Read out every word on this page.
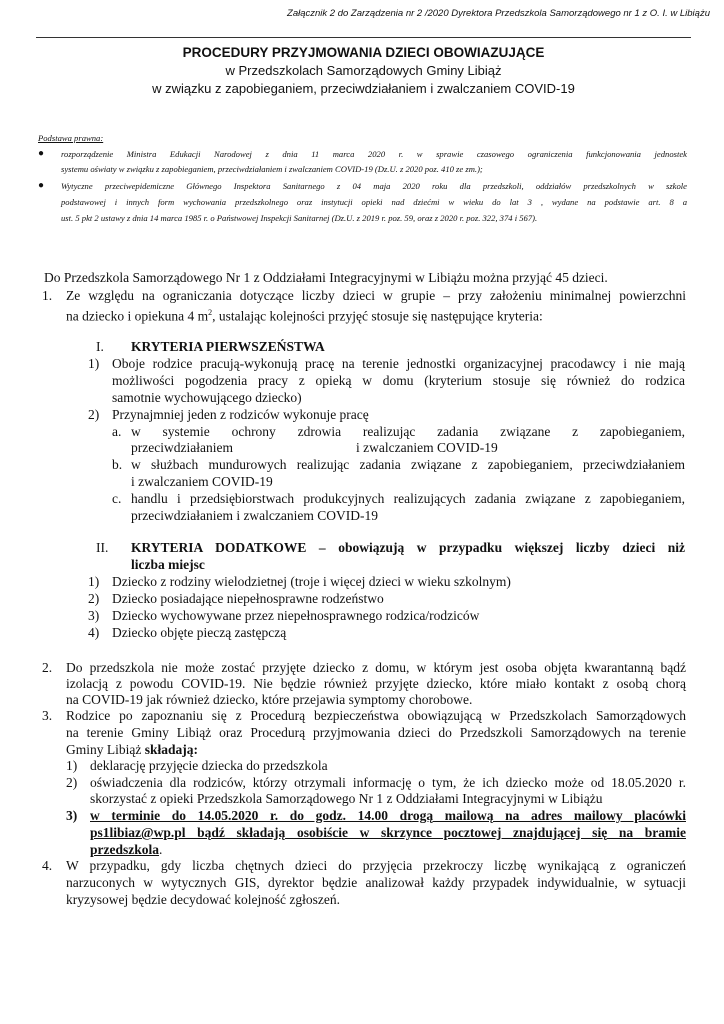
Załącznik 2 do Zarządzenia nr 2 /2020 Dyrektora Przedszkola Samorządowego nr 1 z O. I. w Libiążu
PROCEDURY PRZYJMOWANIA DZIECI OBOWIAZUJĄCE
w Przedszkolach Samorządowych Gminy Libiąż
w związku z zapobieganiem, przeciwdziałaniem i zwalczaniem COVID-19
Podstawa prawna:
● rozporządzenie Ministra Edukacji Narodowej z dnia 11 marca 2020 r. w sprawie czasowego ograniczenia funkcjonowania jednostek
systemu oświaty w związku z zapobieganiem, przeciwdziałaniem i zwalczaniem COVID-19 (Dz.U. z 2020 poz. 410 ze zm.);
● Wytyczne przeciwepidemiczne Głównego Inspektora Sanitarnego z 04 maja 2020 roku dla przedszkoli, oddziałów przedszkolnych w szkole
podstawowej i innych form wychowania przedszkolnego oraz instytucji opieki nad dziećmi w wieku do lat 3 , wydane na podstawie art. 8 a
ust. 5 pkt 2 ustawy z dnia 14 marca 1985 r. o Państwowej Inspekcji Sanitarnej (Dz.U. z 2019 r. poz. 59, oraz z 2020 r. poz. 322, 374 i 567).
Do Przedszkola Samorządowego Nr 1 z Oddziałami Integracyjnymi w Libiążu można przyjąć 45 dzieci.
1. Ze względu na ograniczania dotyczące liczby dzieci w grupie – przy założeniu minimalnej powierzchni
na dziecko i opiekuna 4 $m^2$, ustalając kolejności przyjęć stosuje się następujące kryteria:
I. KRYTERIA PIERWSZEŃSTWA
1) Oboje rodzice pracują-wykonują pracę na terenie jednostki organizacyjnej pracodawcy i nie mają
możliwości pogodzenia pracy z opieką w domu (kryterium stosuje się również do rodzica
samotnie wychowującego dziecko)
2) Przynajmniej jeden z rodziców wykonuje pracę
a. w systemie ochrony zdrowia realizując zadania związane z zapobieganiem,
przeciwdziałaniem	i zwalczaniem COVID-19
b. w służbach mundurowych realizując zadania związane z zapobieganiem, przeciwdziałaniem
i zwalczaniem COVID-19
c. handlu i przedsiębiorstwach produkcyjnych realizujących zadania związane z zapobieganiem,
przeciwdziałaniem i zwalczaniem COVID-19
II. KRYTERIA DODATKOWE – obowiązują w przypadku większej liczby dzieci niż
liczba miejsc
1) Dziecko z rodziny wielodzietnej (troje i więcej dzieci w wieku szkolnym)
2) Dziecko posiadające niepełnosprawne rodzeństwo
3) Dziecko wychowywane przez niepełnosprawnego rodzica/rodziców
4) Dziecko objęte pieczą zastępczą
2. Do przedszkola nie może zostać przyjęte dziecko z domu, w którym jest osoba objęta kwarantanną bądź
izolacją z powodu COVID-19. Nie będzie również przyjęte dziecko, które miało kontakt z osobą chorą
na COVID-19 jak również dziecko, które przejawia symptomy chorobowe.
3. Rodzice po zapoznaniu się z Procedurą bezpieczeństwa obowiązującą w Przedszkolach Samorządowych
na terenie Gminy Libiąż oraz Procedurą przyjmowania dzieci do Przedszkoli Samorządowych na terenie
Gminy Libiąż składają:
1) deklarację przyjęcie dziecka do przedszkola
2) oświadczenia dla rodziców, którzy otrzymali informację o tym, że ich dziecko może od 18.05.2020 r.
skorzystać z opieki Przedszkola Samorządowego Nr 1 z Oddziałami Integracyjnymi w Libiążu
3) w terminie do 14.05.2020 r. do godz. 14.00 drogą mailową na adres mailowy placówki
ps1libiaz@wp.pl bądź składają osobiście w skrzynce pocztowej znajdującej się na bramie
przedszkola.
4. W przypadku, gdy liczba chętnych dzieci do przyjęcia przekroczy liczbę wynikającą z ograniczeń
narzuconych w wytycznych GIS, dyrektor będzie analizował każdy przypadek indywidualnie, w sytuacji
kryzysowej będzie decydować kolejność zgłoszeń.
